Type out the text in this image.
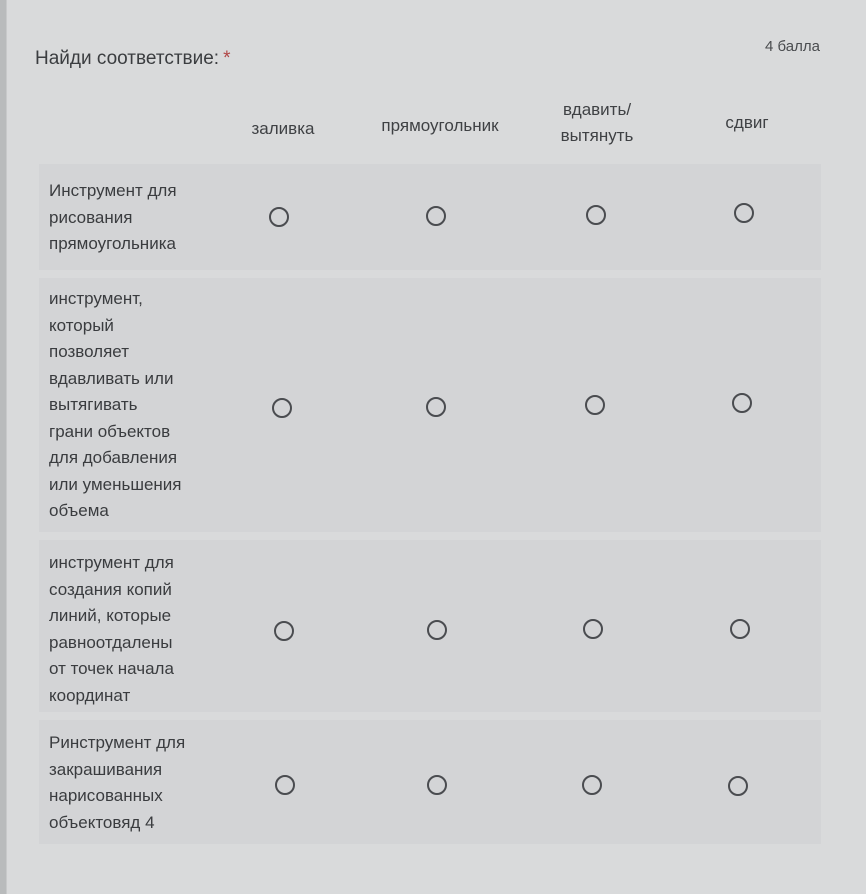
Найди соответствие: *
4 балла
заливка	прямоугольник
вдавить/
вытянуть
сдвиг
Инструмент для
рисования
прямоугольника
инструмент,
который
позволяет
вдавливать или
вытягивать
грани объектов
для добавления
или уменьшения
объема
инструмент для
создания копий
линий, которые
равноотдалены
от точек начала
координат
Ринструмент для
закрашивания
нарисованных
объектовяд 4
